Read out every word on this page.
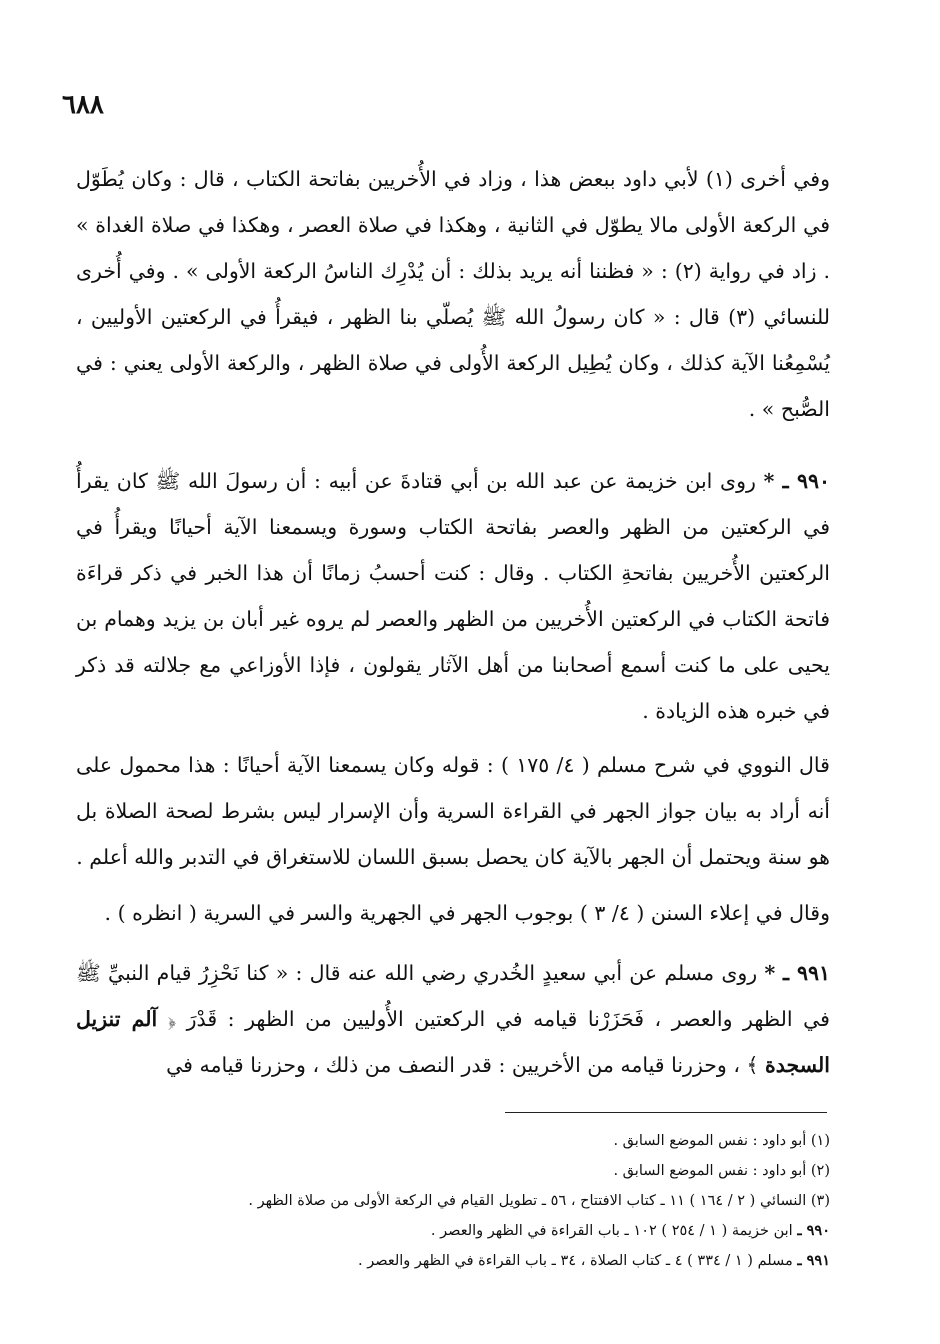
٦٨٨

وفي أخرى (١) لأبي داود ببعض هذا ، وزاد في الأُخريين بفاتحة الكتاب ، قال : وكان يُطَوّل في الركعة الأولى مالا يطوّل في الثانية ، وهكذا في صلاة العصر ، وهكذا في صلاة الغداة » . زاد في رواية (٢) : « فظننا أنه يريد بذلك : أن يُدْرِك الناسُ الركعة الأولى » . وفي أُخرى للنسائي (٣) قال : « كان رسولُ الله ﷺ يُصلّي بنا الظهر ، فيقرأُ في الركعتين الأوليين ، يُسْمِعُنا الآية كذلك ، وكان يُطِيل الركعة الأُولى في صلاة الظهر ، والركعة الأولى يعني : في الصُّبح » .

٩٩٠ ـ * روى ابن خزيمة عن عبد الله بن أبي قتادةَ عن أبيه : أن رسولَ الله ﷺ كان يقرأُ في الركعتين من الظهر والعصر بفاتحة الكتاب وسورة ويسمعنا الآية أحيانًا ويقرأُ في الركعتين الأُخريين بفاتحةِ الكتاب . وقال : كنت أحسبُ زمانًا أن هذا الخبر في ذكر قراءَة فاتحة الكتاب في الركعتين الأُخريين من الظهر والعصر لم يروه غير أبان بن يزيد وهمام بن يحيى على ما كنت أسمع أصحابنا من أهل الآثار يقولون ، فإذا الأوزاعي مع جلالته قد ذكر في خبره هذه الزيادة .

قال النووي في شرح مسلم ( ٤/ ١٧٥ ) : قوله وكان يسمعنا الآية أحيانًا : هذا محمول على أنه أراد به بيان جواز الجهر في القراءة السرية وأن الإسرار ليس بشرط لصحة الصلاة بل هو سنة ويحتمل أن الجهر بالآية كان يحصل بسبق اللسان للاستغراق في التدبر والله أعلم .

وقال في إعلاء السنن ( ٤/ ٣ ) بوجوب الجهر في الجهرية والسر في السرية ( انظره ) .

٩٩١ ـ * روى مسلم عن أبي سعيدٍ الخُدري رضي الله عنه قال : « كنا نَحْزِرُ قيام النبيِّ ﷺ في الظهر والعصر ، فَحَزَرْنا قيامه في الركعتين الأُوليين من الظهر : قَدْرَ ﴿ آلم تنزيل السجدة ﴾ ، وحزرنا قيامه من الأخريين : قدر النصف من ذلك ، وحزرنا قيامه في

(١) أبو داود : نفس الموضع السابق .

(٢) أبو داود : نفس الموضع السابق .

(٣) النسائي ( ٢ / ١٦٤ ) ١١ ـ كتاب الافتتاح ، ٥٦ ـ تطويل القيام في الركعة الأولى من صلاة الظهر .

٩٩٠ ـ ابن خزيمة ( ١ / ٢٥٤ ) ١٠٢ ـ باب القراءة في الظهر والعصر .

٩٩١ ـ مسلم ( ١ / ٣٣٤ ) ٤ ـ كتاب الصلاة ، ٣٤ ـ باب القراءة في الظهر والعصر .
